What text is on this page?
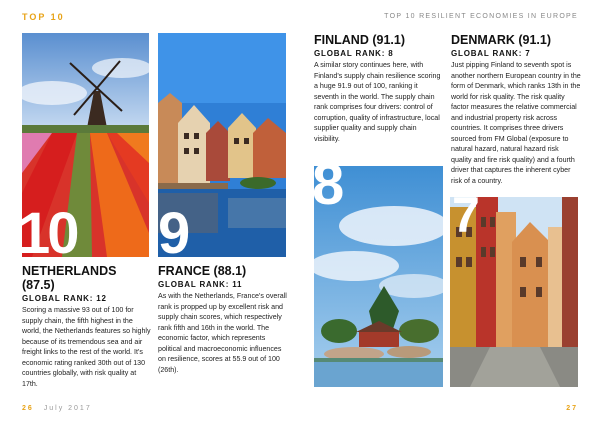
TOP 10	TOP 10 RESILIENT ECONOMIES IN EUROPE
10 9
8 7
NETHERLANDS (87.5)
GLOBAL RANK: 12
Scoring a massive 93 out of 100 for supply chain, the fifth highest in the world, the Netherlands features so highly because of its tremendous sea and air freight links to the rest of the world. It’s economic rating ranked 30th out of 130 countries globally, with risk quality at 17th.
FRANCE (88.1)
GLOBAL RANK: 11
As with the Netherlands, France’s overall rank is propped up by excellent risk and supply chain scores, which respectively rank fifth and 16th in the world. The economic factor, which represents political and macroeconomic influences on resilience, scores at 55.9 out of 100 (26th).
FINLAND (91.1)
GLOBAL RANK: 8
A similar story continues here, with Finland’s supply chain resilience scoring a huge 91.9 out of 100, ranking it seventh in the world. The supply chain rank comprises four drivers: control of corruption, quality of infrastructure, local supplier quality and supply chain visibility.
DENMARK (91.1)
GLOBAL RANK: 7
Just pipping Finland to seventh spot is another northern European country in the form of Denmark, which ranks 13th in the world for risk quality. The risk quality factor measures the relative commercial and industrial property risk across countries. It comprises three drivers sourced from FM Global (exposure to natural hazard, natural hazard risk quality and fire risk quality) and a fourth driver that captures the inherent cyber risk of a country.
26 July 2017	27
